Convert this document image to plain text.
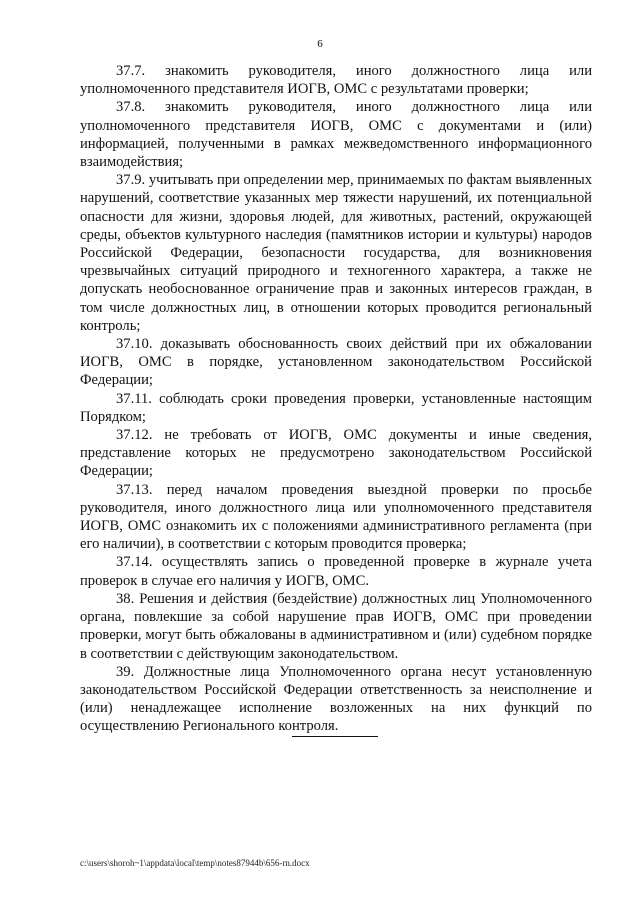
6

37.7. знакомить руководителя, иного должностного лица или уполномоченного представителя ИОГВ, ОМС с результатами проверки;

37.8. знакомить руководителя, иного должностного лица или уполномоченного представителя ИОГВ, ОМС с документами и (или) информацией, полученными в рамках межведомственного информационного взаимодействия;

37.9. учитывать при определении мер, принимаемых по фактам выявленных нарушений, соответствие указанных мер тяжести нарушений, их потенциальной опасности для жизни, здоровья людей, для животных, растений, окружающей среды, объектов культурного наследия (памятников истории и культуры) народов Российской Федерации, безопасности государства, для возникновения чрезвычайных ситуаций природного и техногенного характера, а также не допускать необоснованное ограничение прав и законных интересов граждан, в том числе должностных лиц, в отношении которых проводится региональный контроль;

37.10. доказывать обоснованность своих действий при их обжаловании ИОГВ, ОМС в порядке, установленном законодательством Российской Федерации;

37.11. соблюдать сроки проведения проверки, установленные настоящим Порядком;

37.12. не требовать от ИОГВ, ОМС документы и иные сведения, представление которых не предусмотрено законодательством Российской Федерации;

37.13. перед началом проведения выездной проверки по просьбе руководителя, иного должностного лица или уполномоченного представителя ИОГВ, ОМС ознакомить их с положениями административного регламента (при его наличии), в соответствии с которым проводится проверка;

37.14. осуществлять запись о проведенной проверке в журнале учета проверок в случае его наличия у ИОГВ, ОМС.

38. Решения и действия (бездействие) должностных лиц Уполномоченного органа, повлекшие за собой нарушение прав ИОГВ, ОМС при проведении проверки, могут быть обжалованы в административном и (или) судебном порядке в соответствии с действующим законодательством.

39. Должностные лица Уполномоченного органа несут установленную законодательством Российской Федерации ответственность за неисполнение и (или) ненадлежащее исполнение возложенных на них функций по осуществлению Регионального контроля.

c:\users\shoroh~1\appdata\local\temp\notes87944b\656-rn.docx
